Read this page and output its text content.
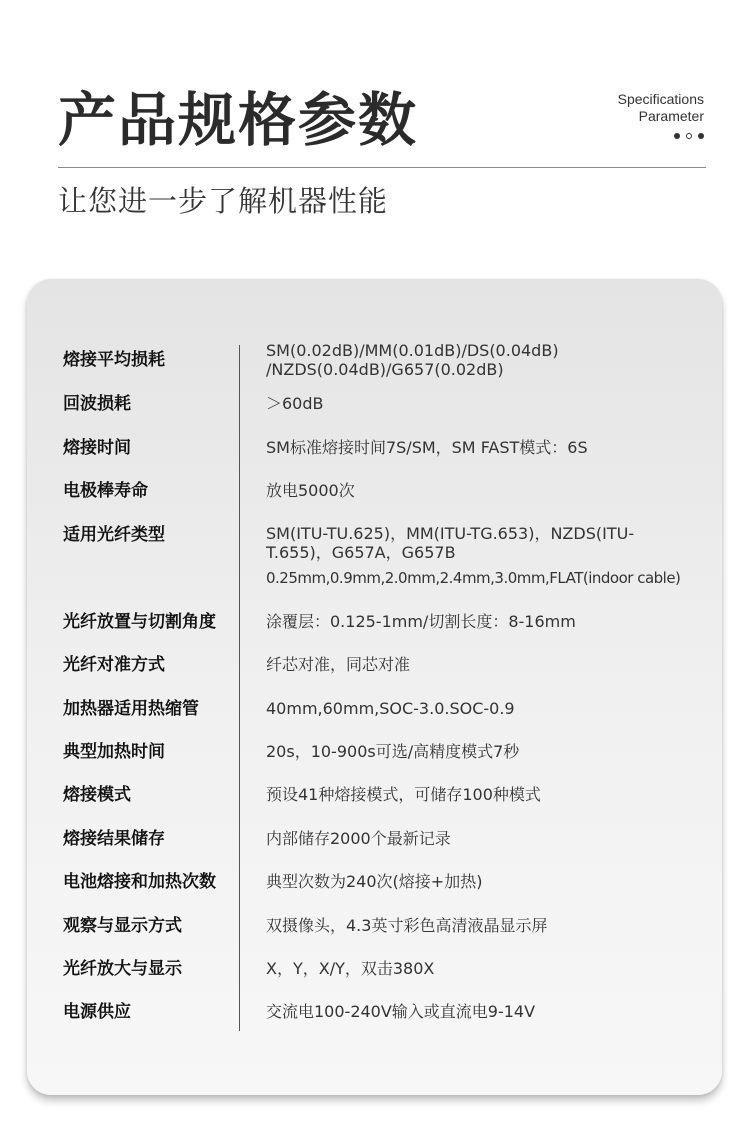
产品规格参数	Specifications
Parameter
让您进一步了解机器性能
熔接平均损耗	SM(0.02dB)/MM(0.01dB)/DS(0.04dB)
/NZDS(0.04dB)/G657(0.02dB)
回波损耗	＞60dB
熔接时间	SM标准熔接时间7S/SM，SM FAST模式：6S
电极棒寿命	放电5000次
适用光纤类型	SM(ITU-TU.625)，MM(ITU-TG.653)，NZDS(ITU-
T.655)，G657A，G657B
0.25mm,0.9mm,2.0mm,2.4mm,3.0mm,FLAT(indoor cable)
光纤放置与切割角度	涂覆层：0.125-1mm/切割长度：8-16mm
光纤对准方式	纤芯对准，同芯对准
加热器适用热缩管	40mm,60mm,SOC-3.0.SOC-0.9
典型加热时间	20s，10-900s可选/高精度模式7秒
熔接模式	预设41种熔接模式，可储存100种模式
熔接结果储存	内部储存2000个最新记录
电池熔接和加热次数	典型次数为240次(熔接+加热)
观察与显示方式	双摄像头，4.3英寸彩色高清液晶显示屏
光纤放大与显示	X，Y，X/Y，双击380X
电源供应	交流电100-240V输入或直流电9-14V
